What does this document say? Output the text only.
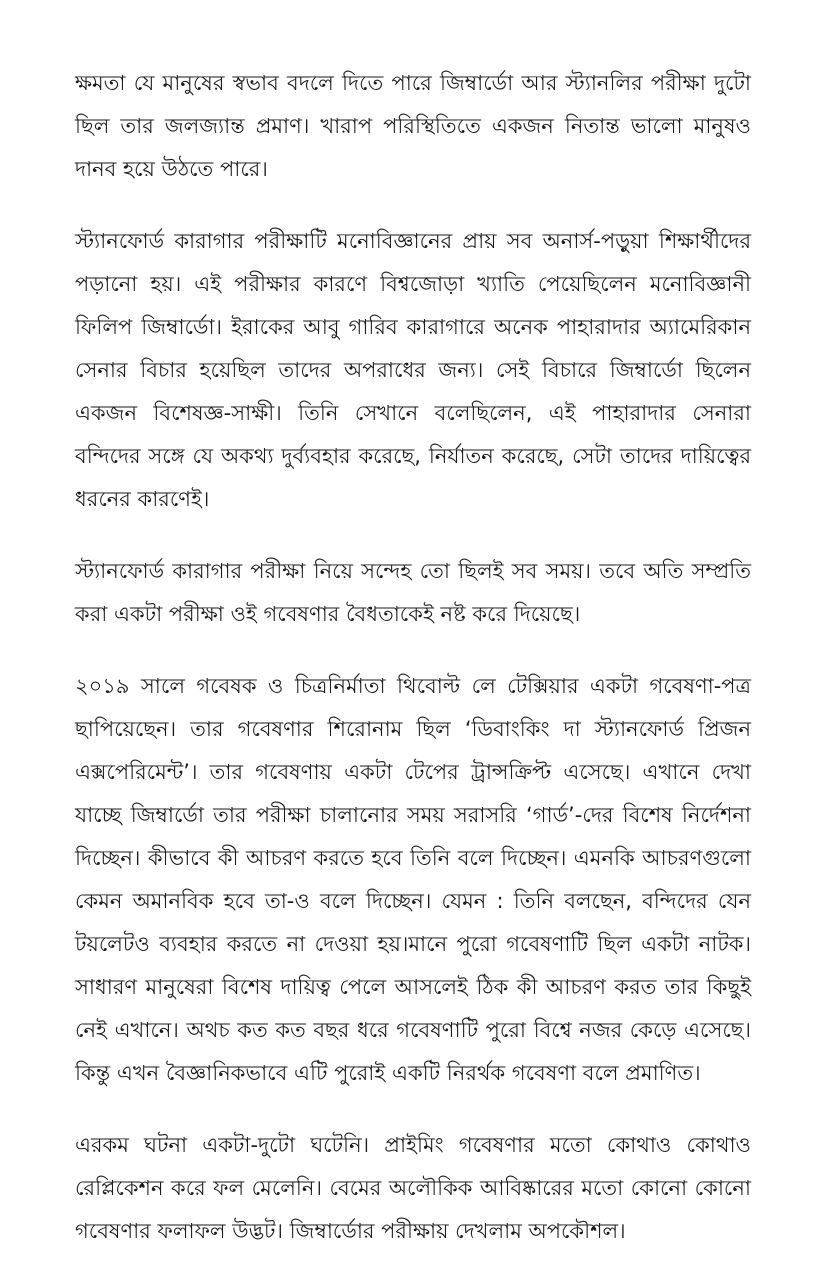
ক্ষমতা যে মানুষের স্বভাব বদলে দিতে পারে জিম্বার্ডো আর স্ট্যানলির পরীক্ষা দুটো ছিল তার জলজ্যান্ত প্রমাণ। খারাপ পরিস্থিতিতে একজন নিতান্ত ভালো মানুষও দানব হয়ে উঠতে পারে।

স্ট্যানফোর্ড কারাগার পরীক্ষাটি মনোবিজ্ঞানের প্রায় সব অনার্স-পড়ুয়া শিক্ষার্থীদের পড়ানো হয়। এই পরীক্ষার কারণে বিশ্বজোড়া খ্যাতি পেয়েছিলেন মনোবিজ্ঞানী ফিলিপ জিম্বার্ডো। ইরাকের আবু গারিব কারাগারে অনেক পাহারাদার অ্যামেরিকান সেনার বিচার হয়েছিল তাদের অপরাধের জন্য। সেই বিচারে জিম্বার্ডো ছিলেন একজন বিশেষজ্ঞ-সাক্ষী। তিনি সেখানে বলেছিলেন, এই পাহারাদার সেনারা বন্দিদের সঙ্গে যে অকথ্য দুর্ব্যবহার করেছে, নির্যাতন করেছে, সেটা তাদের দায়িত্বের ধরনের কারণেই।

স্ট্যানফোর্ড কারাগার পরীক্ষা নিয়ে সন্দেহ তো ছিলই সব সময়। তবে অতি সম্প্রতি করা একটা পরীক্ষা ওই গবেষণার বৈধতাকেই নষ্ট করে দিয়েছে।

২০১৯ সালে গবেষক ও চিত্রনির্মাতা থিবোল্ট লে টেক্সিয়ার একটা গবেষণা-পত্র ছাপিয়েছেন। তার গবেষণার শিরোনাম ছিল ‘ডিবাংকিং দা স্ট্যানফোর্ড প্রিজন এক্সপেরিমেন্ট’। তার গবেষণায় একটা টেপের ট্রান্সক্রিপ্ট এসেছে। এখানে দেখা যাচ্ছে জিম্বার্ডো তার পরীক্ষা চালানোর সময় সরাসরি ‘গার্ড’-দের বিশেষ নির্দেশনা দিচ্ছেন। কীভাবে কী আচরণ করতে হবে তিনি বলে দিচ্ছেন। এমনকি আচরণগুলো কেমন অমানবিক হবে তা-ও বলে দিচ্ছেন। যেমন : তিনি বলছেন, বন্দিদের যেন টয়লেটও ব্যবহার করতে না দেওয়া হয়।মানে পুরো গবেষণাটি ছিল একটা নাটক। সাধারণ মানুষেরা বিশেষ দায়িত্ব পেলে আসলেই ঠিক কী আচরণ করত তার কিছুই নেই এখানে। অথচ কত কত বছর ধরে গবেষণাটি পুরো বিশ্বে নজর কেড়ে এসেছে। কিন্তু এখন বৈজ্ঞানিকভাবে এটি পুরোই একটি নিরর্থক গবেষণা বলে প্রমাণিত।

এরকম ঘটনা একটা-দুটো ঘটেনি। প্রাইমিং গবেষণার মতো কোথাও কোথাও রেপ্লিকেশন করে ফল মেলেনি। বেমের অলৌকিক আবিষ্কারের মতো কোনো কোনো গবেষণার ফলাফল উদ্ভট। জিম্বার্ডোর পরীক্ষায় দেখলাম অপকৌশল।
